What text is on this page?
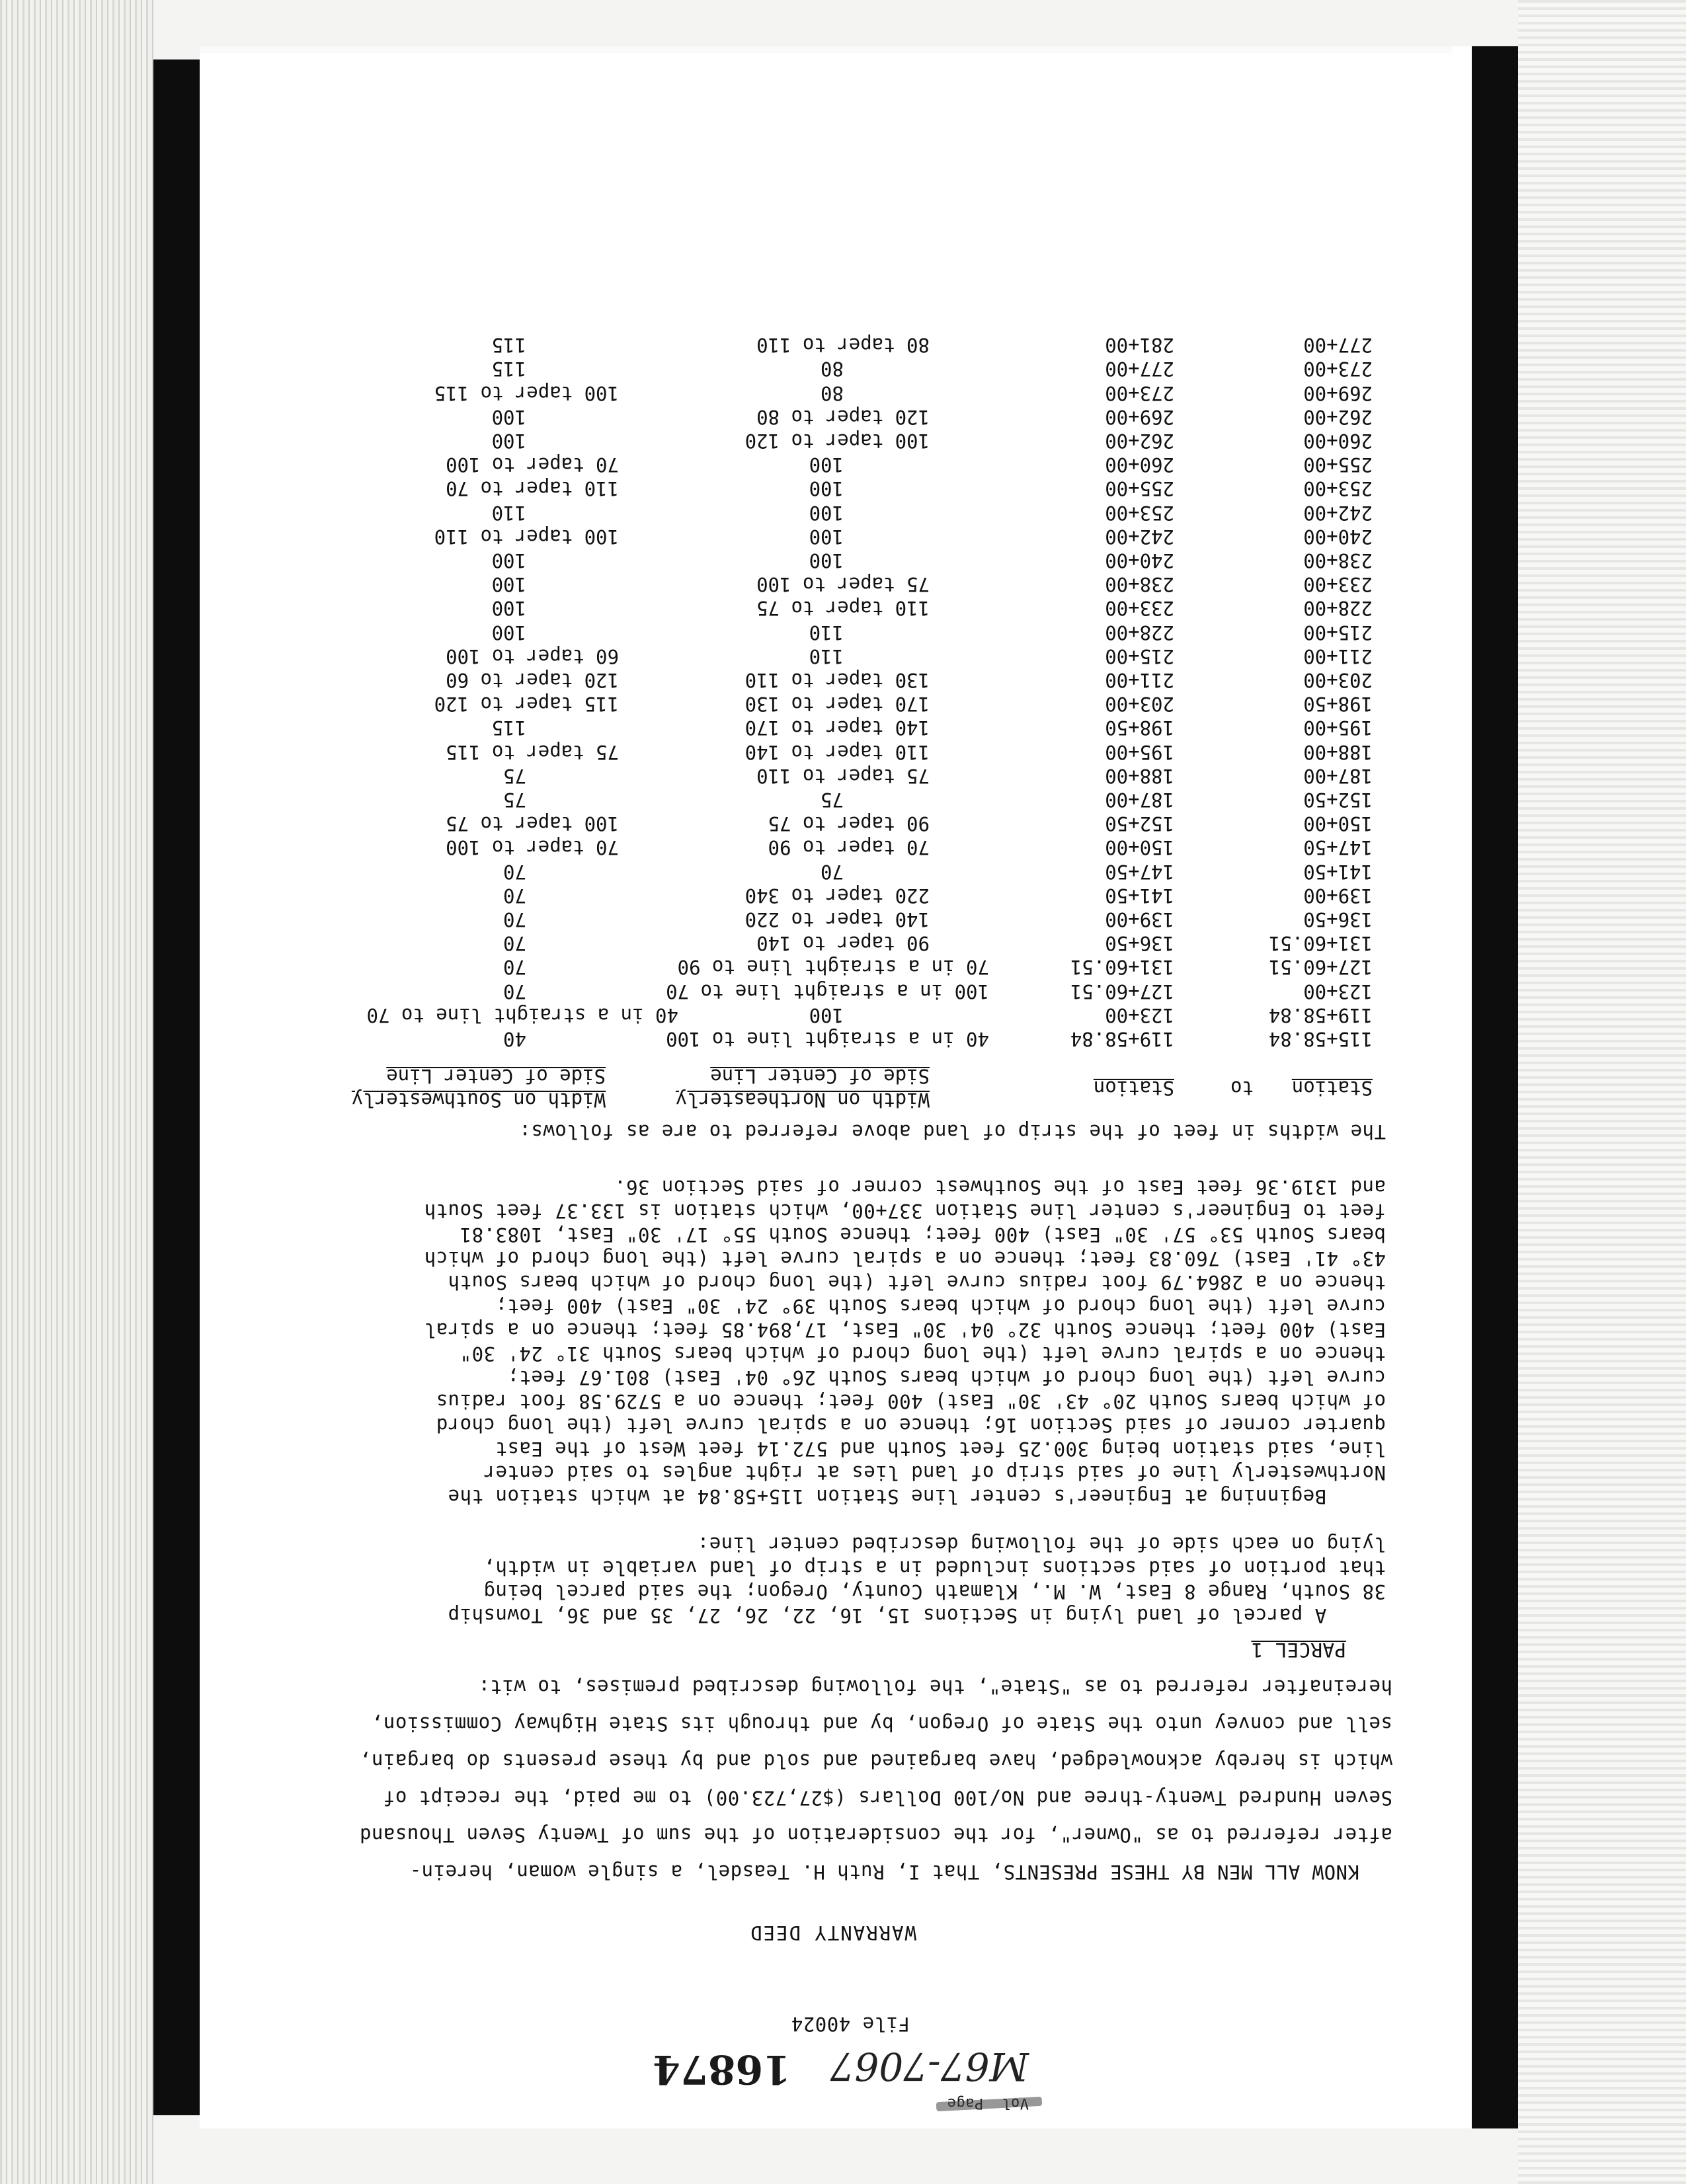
M67-7067
16874
File 40024
WARRANTY DEED
KNOW ALL MEN BY THESE PRESENTS, That I, Ruth H. Teasdel, a single woman, herein-
after referred to as "Owner", for the consideration of the sum of Twenty Seven Thousand
Seven Hundred Twenty-three and No/100 Dollars ($27,723.00) to me paid, the receipt of
which is hereby acknowledged, have bargained and sold and by these presents do bargain,
sell and convey unto the State of Oregon, by and through its State Highway Commission,
hereinafter referred to as "State", the following described premises, to wit:
PARCEL 1
A parcel of land lying in Sections 15, 16, 22, 26, 27, 35 and 36, Township
38 South, Range 8 East, W. M., Klamath County, Oregon; the said parcel being
that portion of said sections included in a strip of land variable in width,
lying on each side of the following described center line:
Beginning at Engineer's center line Station 115+58.84 at which station the
Northwesterly line of said strip of land lies at right angles to said center
line, said station being 300.25 feet South and 572.14 feet West of the East
quarter corner of said Section 16; thence on a spiral curve left (the long chord
of which bears South 20° 43' 30" East) 400 feet; thence on a 5729.58 foot radius
curve left (the long chord of which bears South 26° 04' East) 801.67 feet;
thence on a spiral curve left (the long chord of which bears South 31° 24' 30"
East) 400 feet; thence South 32° 04' 30" East, 17,894.85 feet; thence on a spiral
curve left (the long chord of which bears South 39° 24' 30" East) 400 feet;
thence on a 2864.79 foot radius curve left (the long chord of which bears South
43° 41' East) 760.83 feet; thence on a spiral curve left (the long chord of which
bears South 53° 57' 30" East) 400 feet; thence South 55° 17' 30" East, 1083.81
feet to Engineer's center line Station 337+00, which station is 133.37 feet South
and 1319.36 feet East of the Southwest corner of said Section 36.
The widths in feet of the strip of land above referred to are as follows:
Station
to
Station
Width on Northeasterly
Side of Center Line
Width on Southwesterly
Side of Center Line
115+58.84
119+58.84
40 in a straight line to 100
40
119+58.84
123+00
100
40 in a straight line to 70
123+00
127+60.51
100 in a straight line to 70
70
127+60.51
131+60.51
70 in a straight line to 90
70
131+60.51
136+50
90 taper to 140
70
136+50
139+00
140 taper to 220
70
139+00
141+50
220 taper to 340
70
141+50
147+50
70
70
147+50
150+00
70 taper to 90
70 taper to 100
150+00
152+50
90 taper to 75
100 taper to 75
152+50
187+00
75
75
187+00
188+00
75 taper to 110
75
188+00
195+00
110 taper to 140
75 taper to 115
195+00
198+50
140 taper to 170
115
198+50
203+00
170 taper to 130
115 taper to 120
203+00
211+00
130 taper to 110
120 taper to 60
211+00
215+00
110
60 taper to 100
215+00
228+00
110
100
228+00
233+00
110 taper to 75
100
233+00
238+00
75 taper to 100
100
238+00
240+00
100
100
240+00
242+00
100
100 taper to 110
242+00
253+00
100
110
253+00
255+00
100
110 taper to 70
255+00
260+00
100
70 taper to 100
260+00
262+00
100 taper to 120
100
262+00
269+00
120 taper to 80
100
269+00
273+00
80
100 taper to 115
273+00
277+00
80
115
277+00
281+00
80 taper to 110
115
